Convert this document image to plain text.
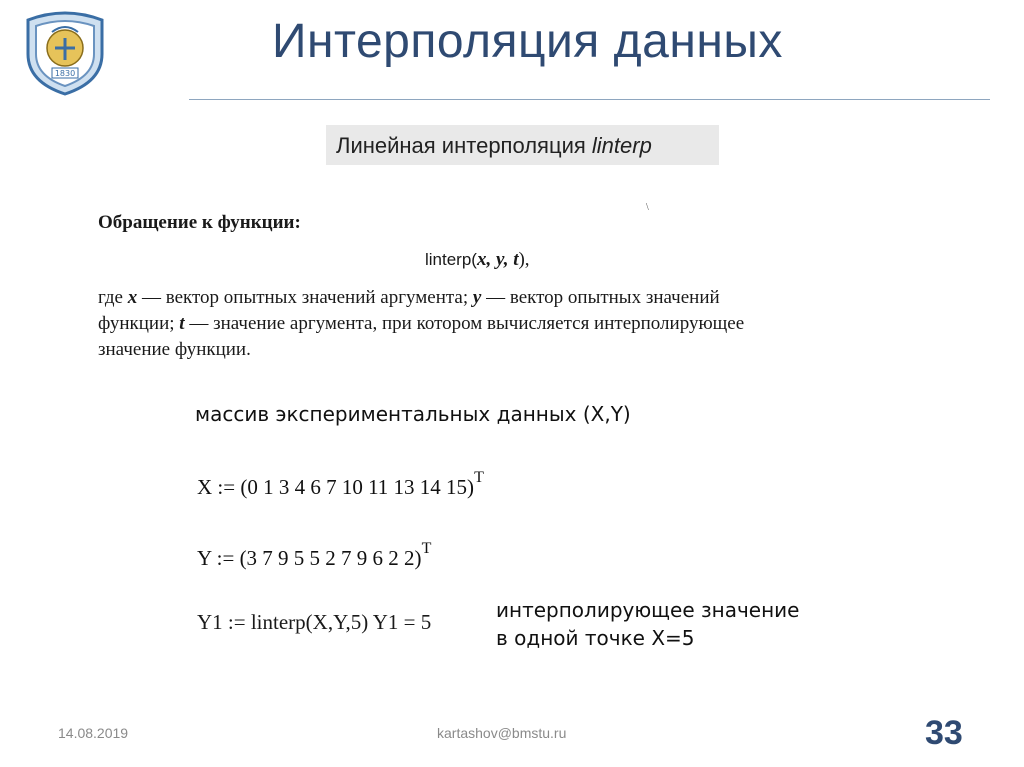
1830
Интерполяция данных
Линейная интерполяция linterp
\
Обращение к функции:
linterp(x, y, t),
где x — вектор опытных значений аргумента; y — вектор опытных значений
функции; t — значение аргумента, при котором вычисляется интерполирующее
значение функции.
массив экспериментальных данных (X,Y)
X := (0 1 3 4 6 7 10 11 13 14 15)$^T$
Y := (3 7 9 5 5 2 7 9 6 2 2)$^T$
Y1 := linterp(X,Y,5) Y1 = 5	интерполирующее значение
в одной точке X=5
14.08.2019	kartashov@bmstu.ru	33
